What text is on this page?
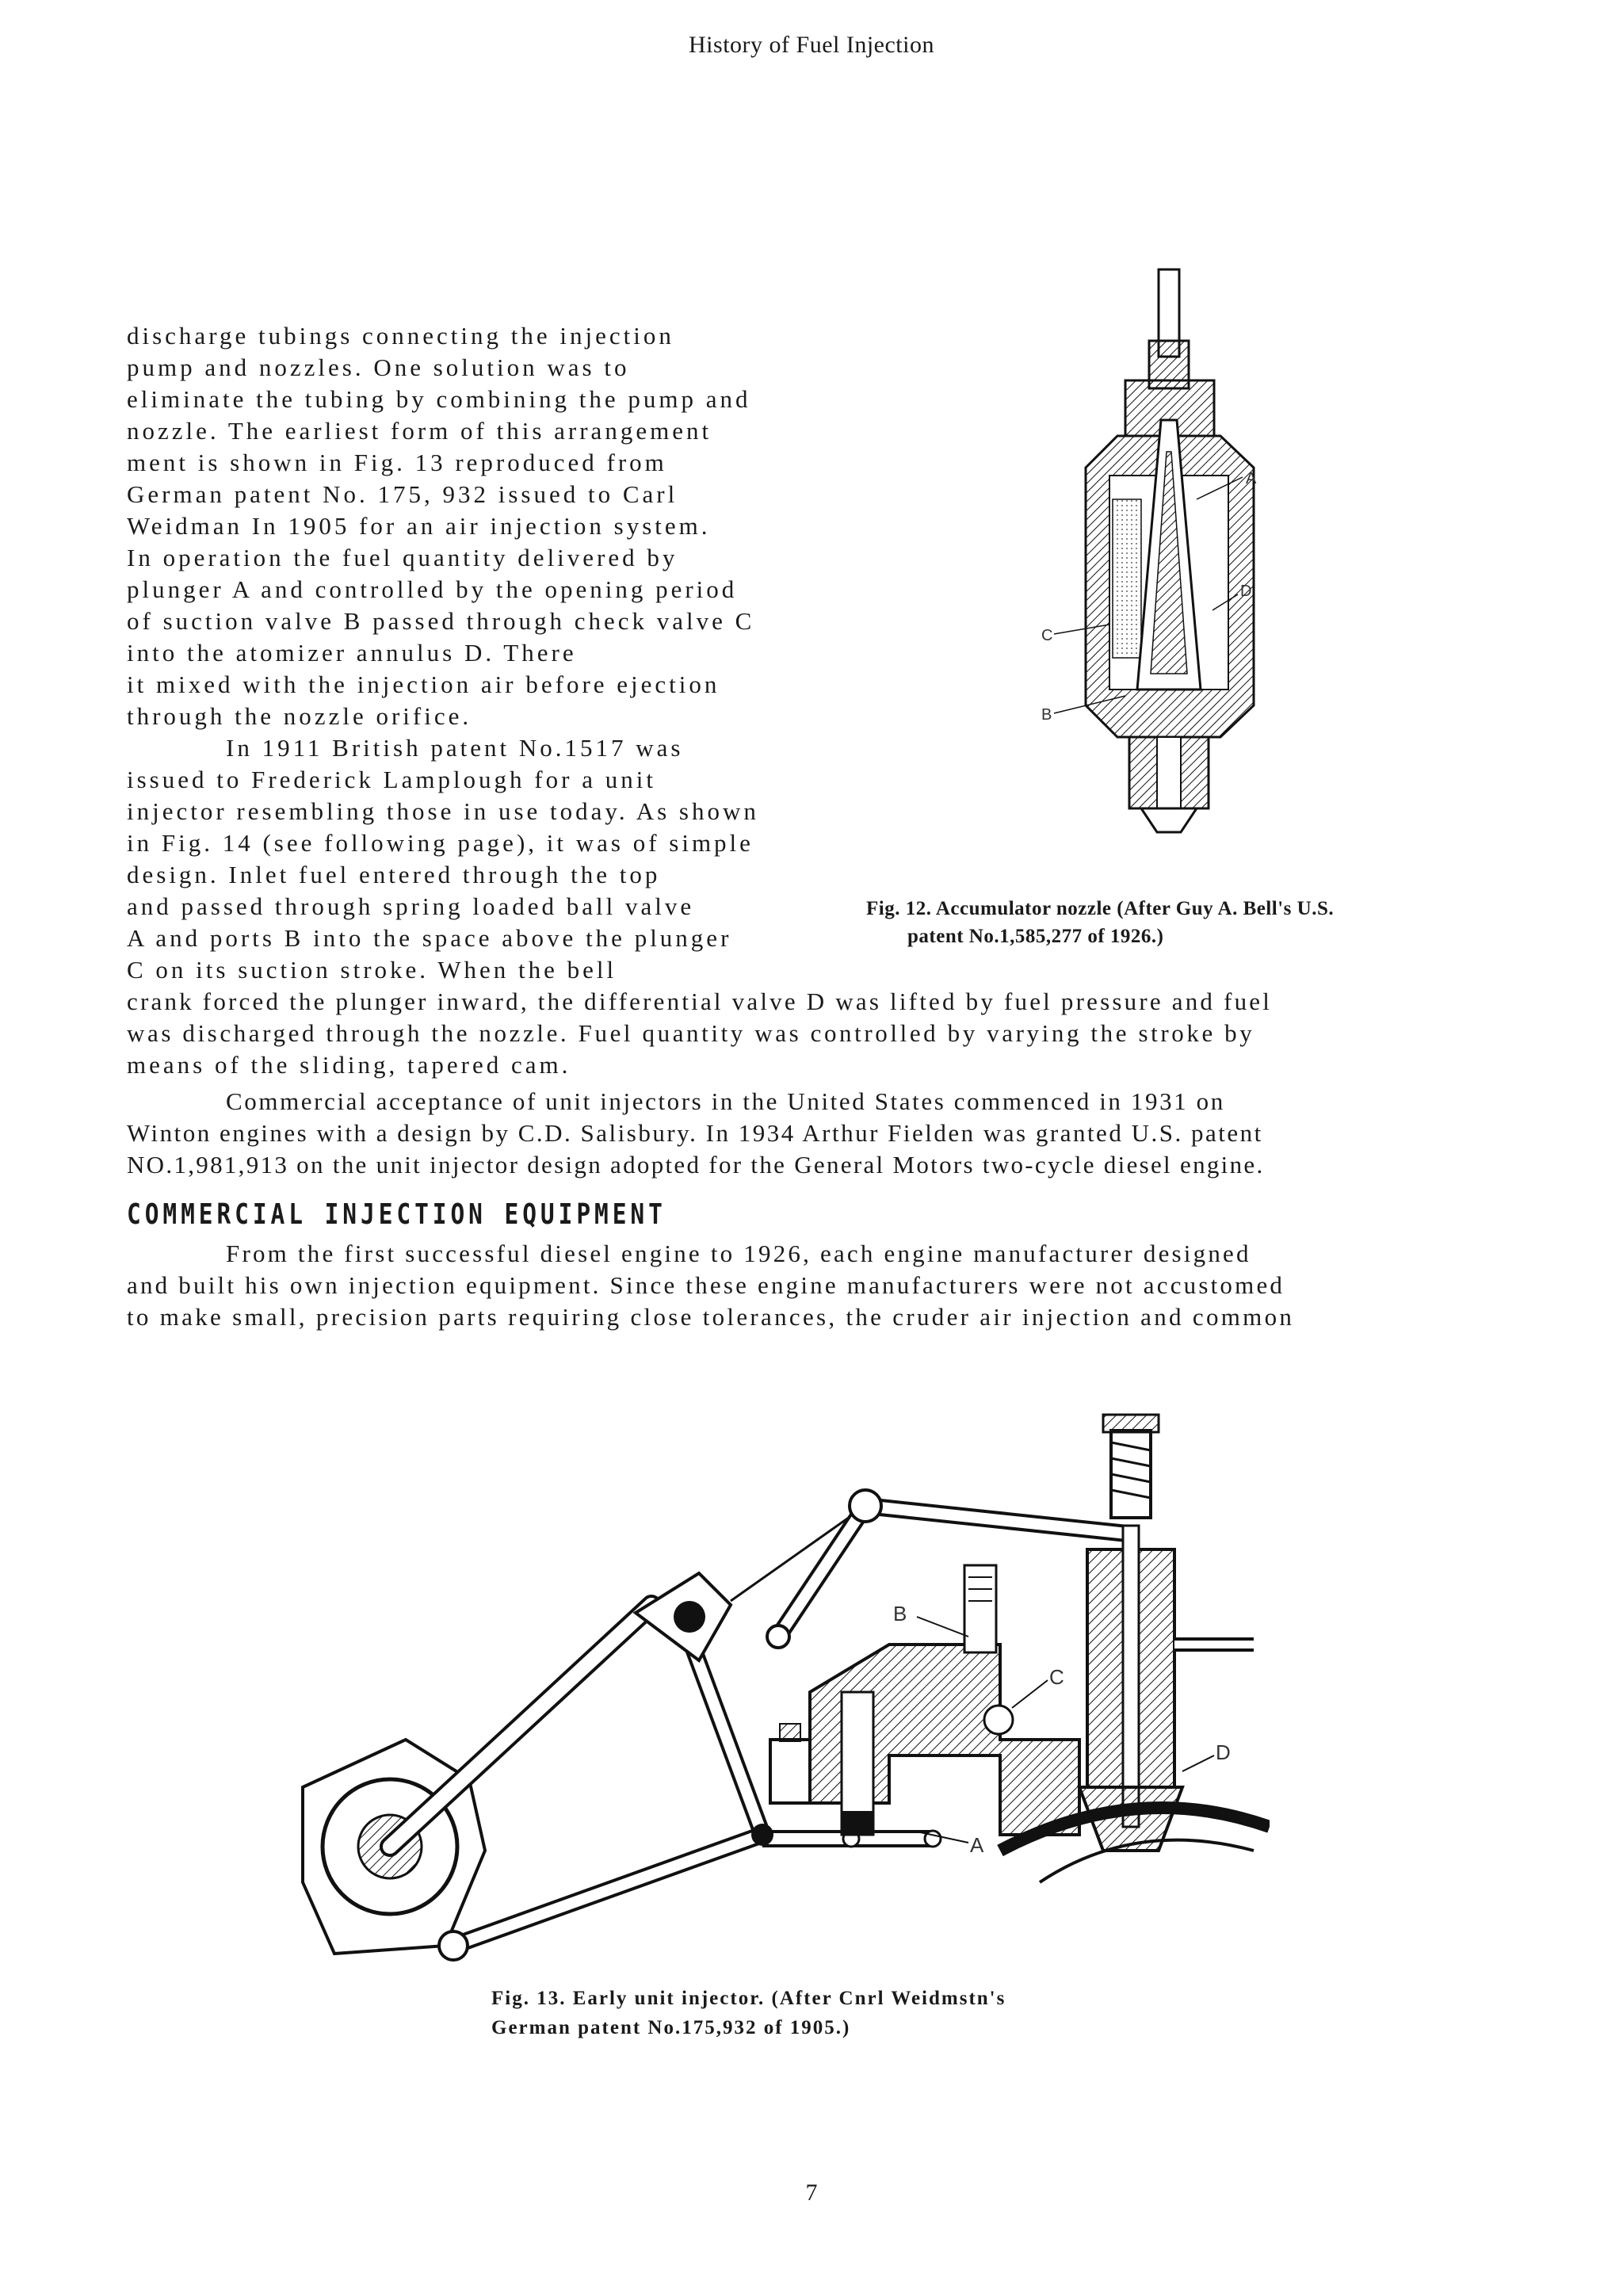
History of Fuel Injection
discharge tubings connecting the injection
pump and nozzles. One solution was to
eliminate the tubing by combining the pump and
nozzle. The earliest form of this arrangement
ment is shown in Fig. 13 reproduced from
German patent No. 175, 932 issued to Carl
Weidman In 1905 for an air injection system.
In operation the fuel quantity delivered by
plunger A and controlled by the opening period
of suction valve B passed through check valve C
into the atomizer annulus D. There
it mixed with the injection air before ejection
through the nozzle orifice.
In 1911 British patent No.1517 was
issued to Frederick Lamplough for a unit
injector resembling those in use today. As shown
in Fig. 14 (see following page), it was of simple
design. Inlet fuel entered through the top
and passed through spring loaded ball valve
A and ports B into the space above the plunger
C on its suction stroke. When the bell
crank forced the plunger inward, the differential valve D was lifted by fuel pressure and fuel
was discharged through the nozzle. Fuel quantity was controlled by varying the stroke by
means of the sliding, tapered cam.
Commercial acceptance of unit injectors in the United States commenced in 1931 on
Winton engines with a design by C.D. Salisbury. In 1934 Arthur Fielden was granted U.S. patent
NO.1,981,913 on the unit injector design adopted for the General Motors two-cycle diesel engine.
COMMERCIAL INJECTION EQUIPMENT
From the first successful diesel engine to 1926, each engine manufacturer designed
and built his own injection equipment. Since these engine manufacturers were not accustomed
to make small, precision parts requiring close tolerances, the cruder air injection and common
A
D
C
B
Fig. 12. Accumulator nozzle (After Guy A. Bell's U.S.
patent No.1,585,277 of 1926.)
A
B
C
D
Fig. 13. Early unit injector. (After Cnrl Weidmstn's
German patent No.175,932 of 1905.)
7
